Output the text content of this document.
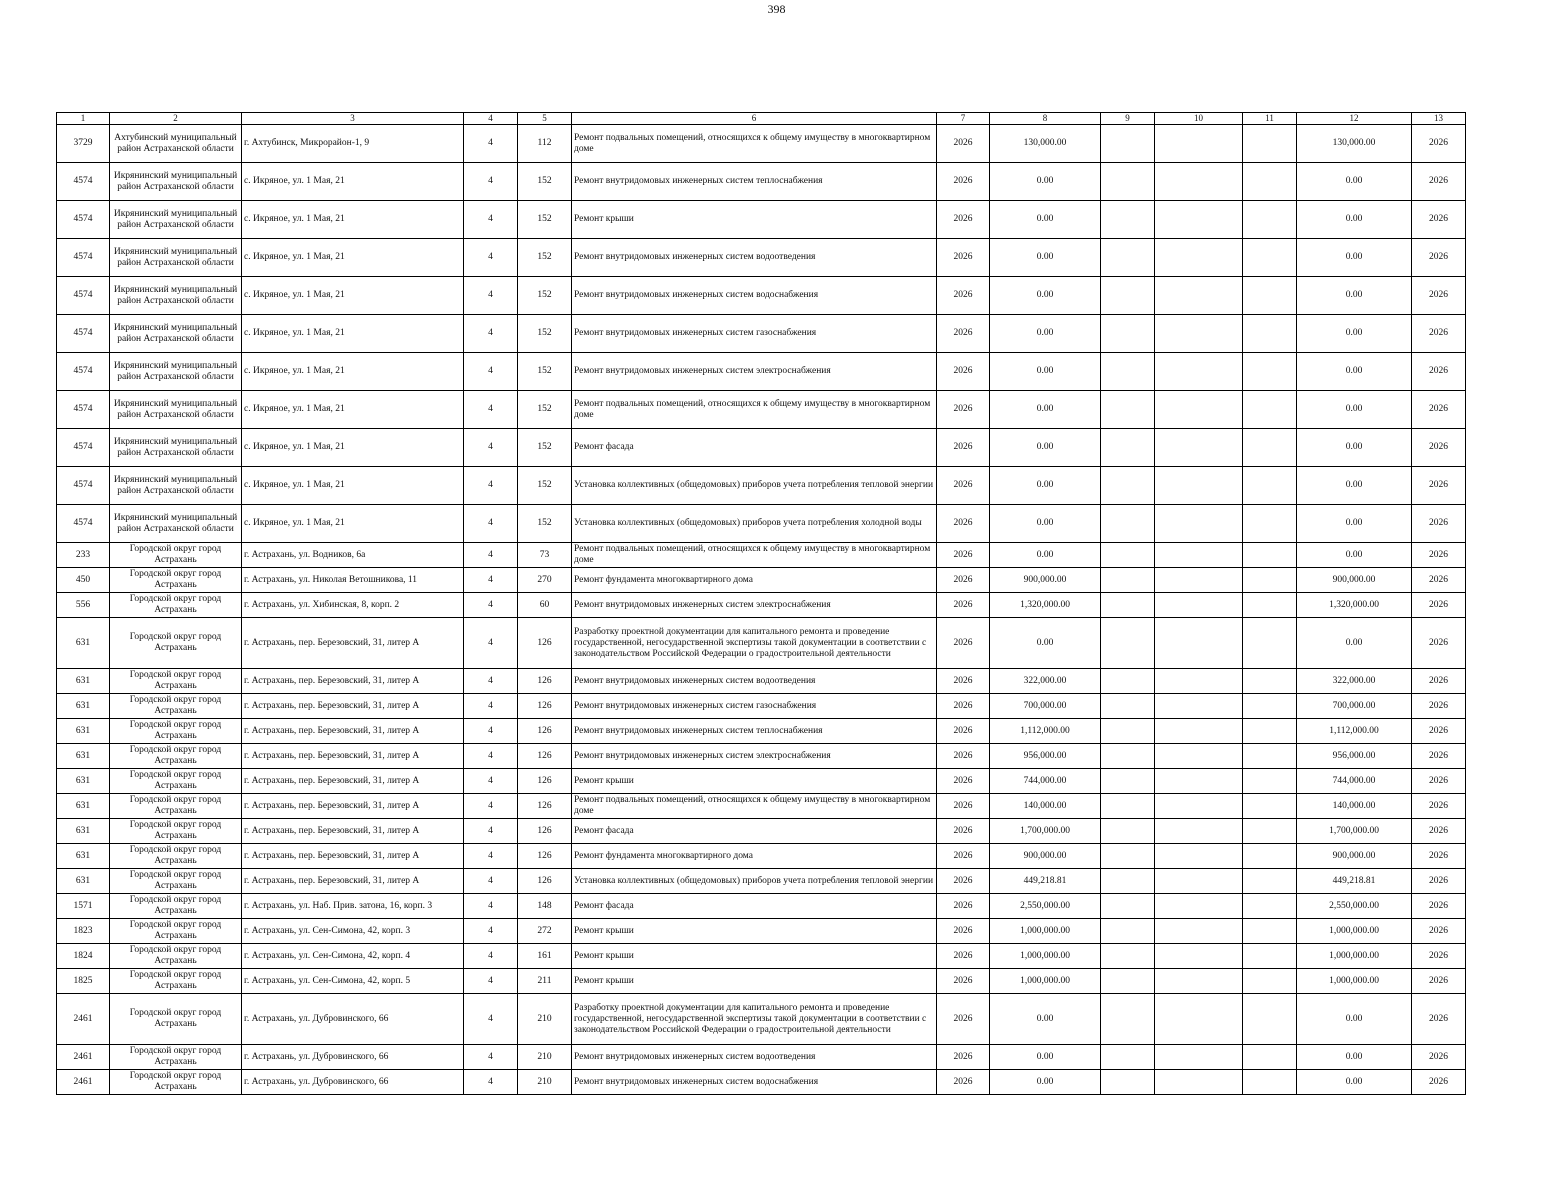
398
1	2	3	4	5	6	7	8	9	10	11	12	13
3729	Ахтубинский муниципальный район Астраханской области	г. Ахтубинск, Микрорайон-1, 9	4	112	Ремонт подвальных помещений, относящихся к общему имуществу в многоквартирном доме	2026	130,000.00				130,000.00	2026
4574	Икрянинский муниципальный район Астраханской области	с. Икряное, ул. 1 Мая, 21	4	152	Ремонт внутридомовых инженерных систем теплоснабжения	2026	0.00				0.00	2026
4574	Икрянинский муниципальный район Астраханской области	с. Икряное, ул. 1 Мая, 21	4	152	Ремонт крыши	2026	0.00				0.00	2026
4574	Икрянинский муниципальный район Астраханской области	с. Икряное, ул. 1 Мая, 21	4	152	Ремонт внутридомовых инженерных систем водоотведения	2026	0.00				0.00	2026
4574	Икрянинский муниципальный район Астраханской области	с. Икряное, ул. 1 Мая, 21	4	152	Ремонт внутридомовых инженерных систем водоснабжения	2026	0.00				0.00	2026
4574	Икрянинский муниципальный район Астраханской области	с. Икряное, ул. 1 Мая, 21	4	152	Ремонт внутридомовых инженерных систем газоснабжения	2026	0.00				0.00	2026
4574	Икрянинский муниципальный район Астраханской области	с. Икряное, ул. 1 Мая, 21	4	152	Ремонт внутридомовых инженерных систем электроснабжения	2026	0.00				0.00	2026
4574	Икрянинский муниципальный район Астраханской области	с. Икряное, ул. 1 Мая, 21	4	152	Ремонт подвальных помещений, относящихся к общему имуществу в многоквартирном доме	2026	0.00				0.00	2026
4574	Икрянинский муниципальный район Астраханской области	с. Икряное, ул. 1 Мая, 21	4	152	Ремонт фасада	2026	0.00				0.00	2026
4574	Икрянинский муниципальный район Астраханской области	с. Икряное, ул. 1 Мая, 21	4	152	Установка коллективных (общедомовых) приборов учета потребления тепловой энергии	2026	0.00				0.00	2026
4574	Икрянинский муниципальный район Астраханской области	с. Икряное, ул. 1 Мая, 21	4	152	Установка коллективных (общедомовых) приборов учета потребления холодной воды	2026	0.00				0.00	2026
233	Городской округ город Астрахань	г. Астрахань, ул. Водников, 6а	4	73	Ремонт подвальных помещений, относящихся к общему имуществу в многоквартирном доме	2026	0.00				0.00	2026
450	Городской округ город Астрахань	г. Астрахань, ул. Николая Ветошникова, 11	4	270	Ремонт фундамента многоквартирного дома	2026	900,000.00				900,000.00	2026
556	Городской округ город Астрахань	г. Астрахань, ул. Хибинская, 8, корп. 2	4	60	Ремонт внутридомовых инженерных систем электроснабжения	2026	1,320,000.00				1,320,000.00	2026
631	Городской округ город Астрахань	г. Астрахань, пер. Березовский, 31, литер А	4	126	Разработку проектной документации для капитального ремонта и проведение государственной, негосударственной экспертизы такой документации в соответствии с законодательством Российской Федерации о градостроительной деятельности	2026	0.00				0.00	2026
631	Городской округ город Астрахань	г. Астрахань, пер. Березовский, 31, литер А	4	126	Ремонт внутридомовых инженерных систем водоотведения	2026	322,000.00				322,000.00	2026
631	Городской округ город Астрахань	г. Астрахань, пер. Березовский, 31, литер А	4	126	Ремонт внутридомовых инженерных систем газоснабжения	2026	700,000.00				700,000.00	2026
631	Городской округ город Астрахань	г. Астрахань, пер. Березовский, 31, литер А	4	126	Ремонт внутридомовых инженерных систем теплоснабжения	2026	1,112,000.00				1,112,000.00	2026
631	Городской округ город Астрахань	г. Астрахань, пер. Березовский, 31, литер А	4	126	Ремонт внутридомовых инженерных систем электроснабжения	2026	956,000.00				956,000.00	2026
631	Городской округ город Астрахань	г. Астрахань, пер. Березовский, 31, литер А	4	126	Ремонт крыши	2026	744,000.00				744,000.00	2026
631	Городской округ город Астрахань	г. Астрахань, пер. Березовский, 31, литер А	4	126	Ремонт подвальных помещений, относящихся к общему имуществу в многоквартирном доме	2026	140,000.00				140,000.00	2026
631	Городской округ город Астрахань	г. Астрахань, пер. Березовский, 31, литер А	4	126	Ремонт фасада	2026	1,700,000.00				1,700,000.00	2026
631	Городской округ город Астрахань	г. Астрахань, пер. Березовский, 31, литер А	4	126	Ремонт фундамента многоквартирного дома	2026	900,000.00				900,000.00	2026
631	Городской округ город Астрахань	г. Астрахань, пер. Березовский, 31, литер А	4	126	Установка коллективных (общедомовых) приборов учета потребления тепловой энергии	2026	449,218.81				449,218.81	2026
1571	Городской округ город Астрахань	г. Астрахань, ул. Наб. Прив. затона, 16, корп. 3	4	148	Ремонт фасада	2026	2,550,000.00				2,550,000.00	2026
1823	Городской округ город Астрахань	г. Астрахань, ул. Сен-Симона, 42, корп. 3	4	272	Ремонт крыши	2026	1,000,000.00				1,000,000.00	2026
1824	Городской округ город Астрахань	г. Астрахань, ул. Сен-Симона, 42, корп. 4	4	161	Ремонт крыши	2026	1,000,000.00				1,000,000.00	2026
1825	Городской округ город Астрахань	г. Астрахань, ул. Сен-Симона, 42, корп. 5	4	211	Ремонт крыши	2026	1,000,000.00				1,000,000.00	2026
2461	Городской округ город Астрахань	г. Астрахань, ул. Дубровинского, 66	4	210	Разработку проектной документации для капитального ремонта и проведение государственной, негосударственной экспертизы такой документации в соответствии с законодательством Российской Федерации о градостроительной деятельности	2026	0.00				0.00	2026
2461	Городской округ город Астрахань	г. Астрахань, ул. Дубровинского, 66	4	210	Ремонт внутридомовых инженерных систем водоотведения	2026	0.00				0.00	2026
2461	Городской округ город Астрахань	г. Астрахань, ул. Дубровинского, 66	4	210	Ремонт внутридомовых инженерных систем водоснабжения	2026	0.00				0.00	2026
